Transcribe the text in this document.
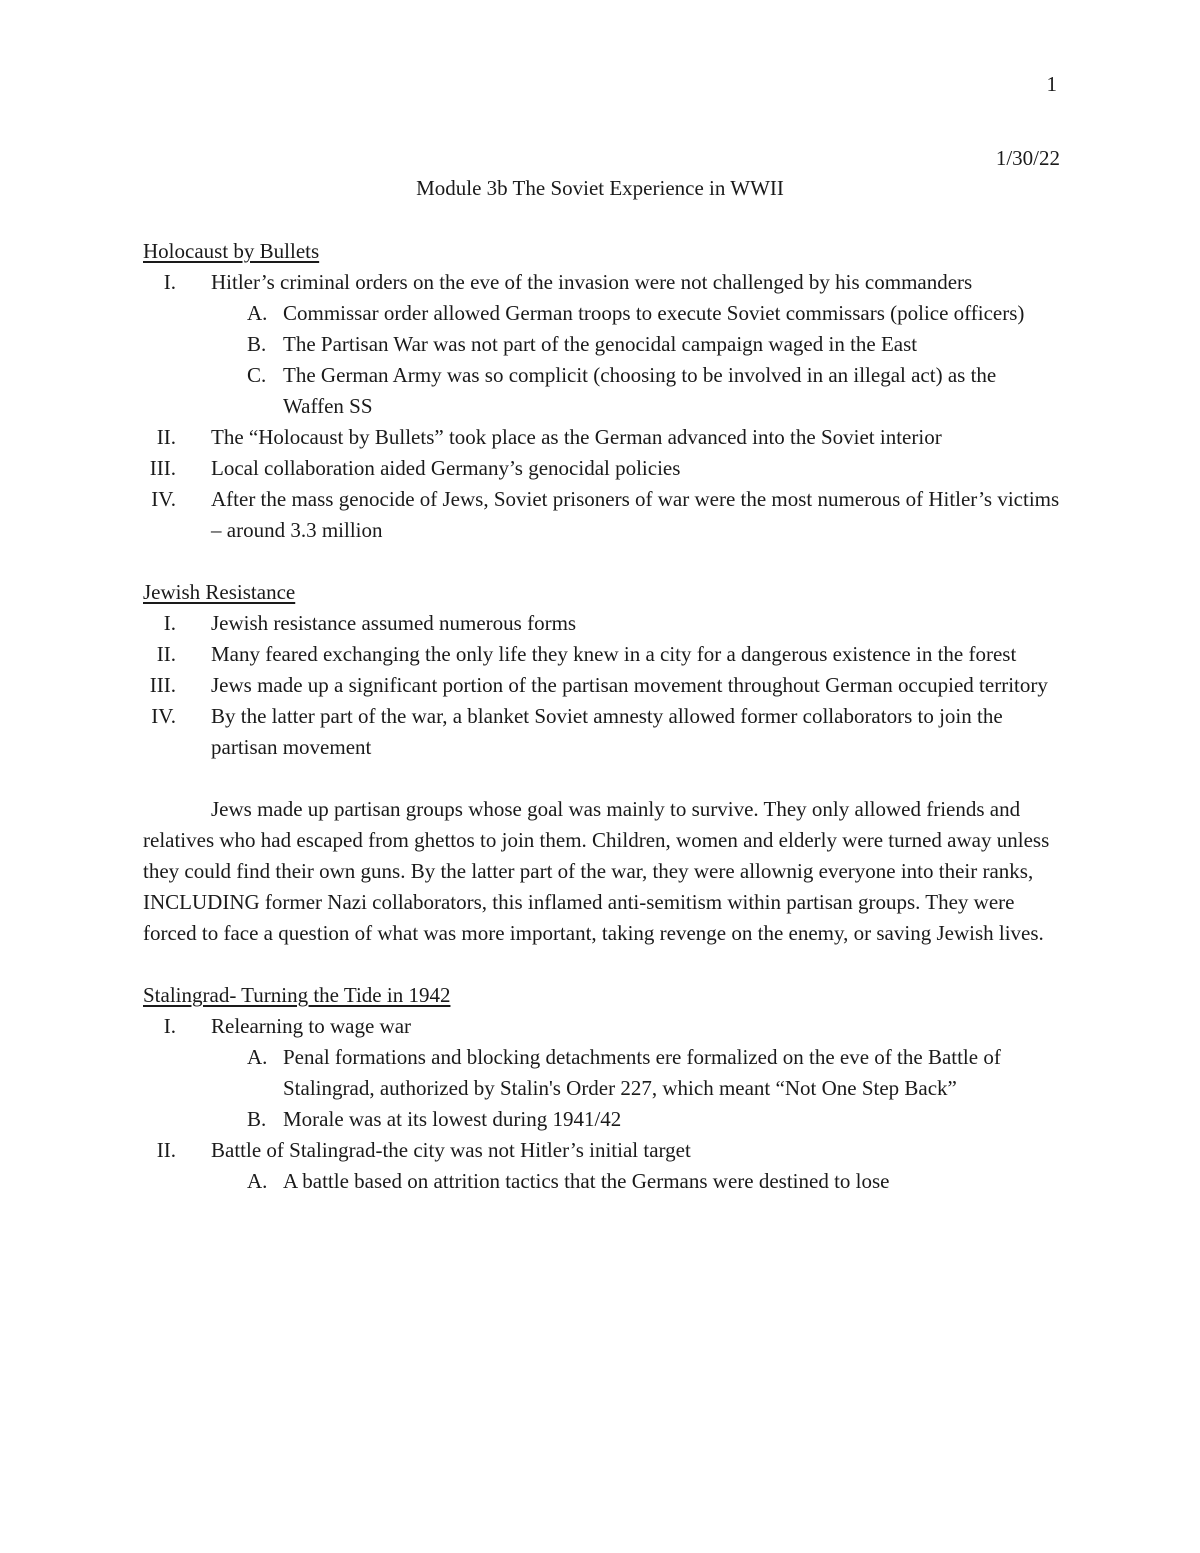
1
1/30/22
Module 3b The Soviet Experience in WWII
Holocaust by Bullets
I. Hitler’s criminal orders on the eve of the invasion were not challenged by his commanders
A. Commissar order allowed German troops to execute Soviet commissars (police officers)
B. The Partisan War was not part of the genocidal campaign waged in the East
C. The German Army was so complicit (choosing to be involved in an illegal act) as the Waffen SS
II. The “Holocaust by Bullets” took place as the German advanced into the Soviet interior
III. Local collaboration aided Germany’s genocidal policies
IV. After the mass genocide of Jews, Soviet prisoners of war were the most numerous of Hitler’s victims – around 3.3 million
Jewish Resistance
I. Jewish resistance assumed numerous forms
II. Many feared exchanging the only life they knew in a city for a dangerous existence in the forest
III. Jews made up a significant portion of the partisan movement throughout German occupied territory
IV. By the latter part of the war, a blanket Soviet amnesty allowed former collaborators to join the partisan movement
Jews made up partisan groups whose goal was mainly to survive. They only allowed friends and relatives who had escaped from ghettos to join them. Children, women and elderly were turned away unless they could find their own guns. By the latter part of the war, they were allownig everyone into their ranks, INCLUDING former Nazi collaborators, this inflamed anti-semitism within partisan groups. They were forced to face a question of what was more important, taking revenge on the enemy, or saving Jewish lives.
Stalingrad- Turning the Tide in 1942
I. Relearning to wage war
A. Penal formations and blocking detachments ere formalized on the eve of the Battle of Stalingrad, authorized by Stalin's Order 227, which meant “Not One Step Back”
B. Morale was at its lowest during 1941/42
II. Battle of Stalingrad-the city was not Hitler’s initial target
A. A battle based on attrition tactics that the Germans were destined to lose
